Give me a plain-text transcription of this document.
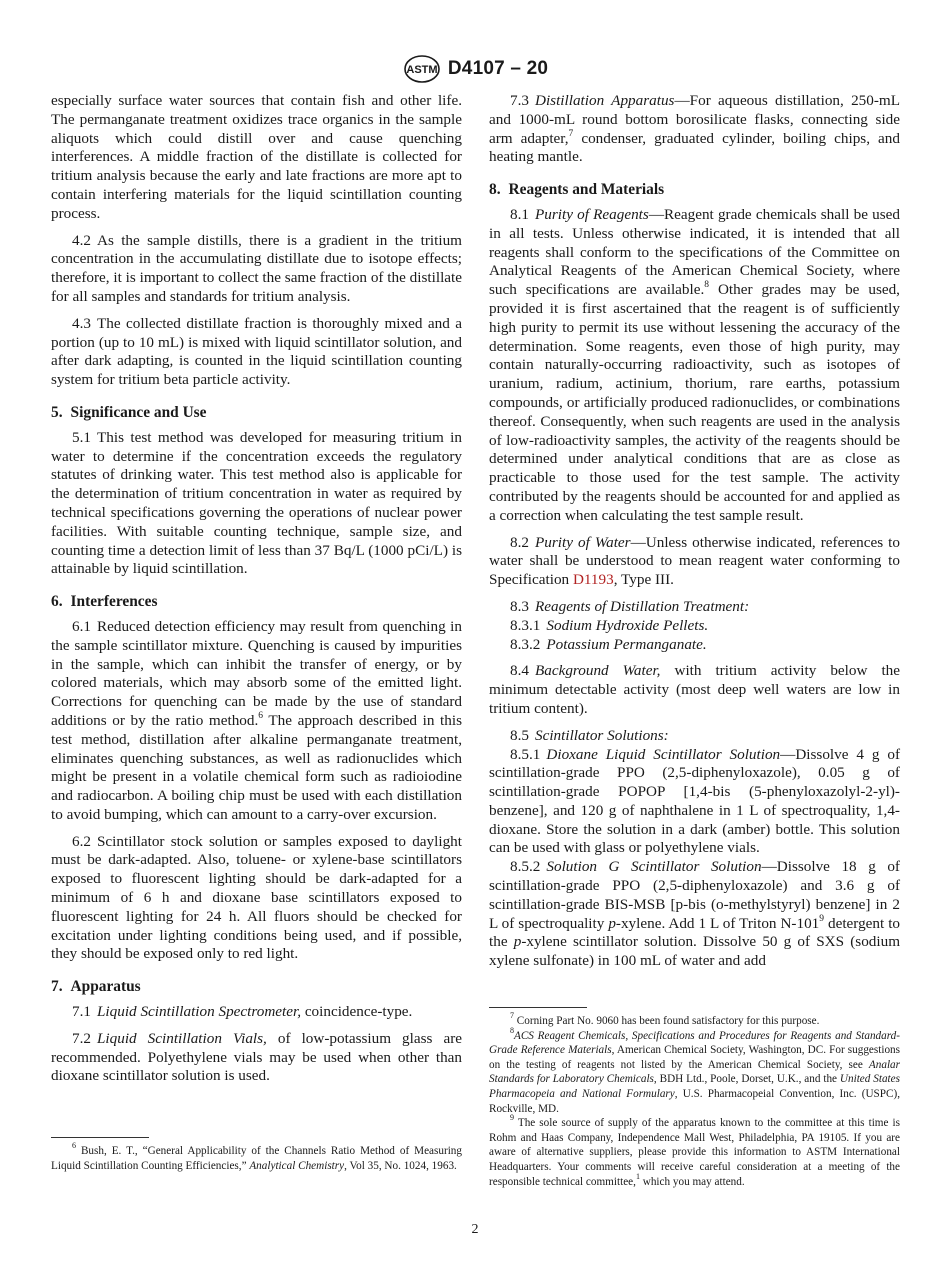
ASTM D4107 – 20

especially surface water sources that contain fish and other life. The permanganate treatment oxidizes trace organics in the sample aliquots which could distill over and cause quenching interferences. A middle fraction of the distillate is collected for tritium analysis because the early and late fractions are more apt to contain interfering materials for the liquid scintillation counting process.

4.2 As the sample distills, there is a gradient in the tritium concentration in the accumulating distillate due to isotope effects; therefore, it is important to collect the same fraction of the distillate for all samples and standards for tritium analysis.

4.3 The collected distillate fraction is thoroughly mixed and a portion (up to 10 mL) is mixed with liquid scintillator solution, and after dark adapting, is counted in the liquid scintillation counting system for tritium beta particle activity.

5. Significance and Use

5.1 This test method was developed for measuring tritium in water to determine if the concentration exceeds the regulatory statutes of drinking water. This test method also is applicable for the determination of tritium concentration in water as required by technical specifications governing the operations of nuclear power facilities. With suitable counting technique, sample size, and counting time a detection limit of less than 37 Bq/L (1000 pCi/L) is attainable by liquid scintillation.

6. Interferences

6.1 Reduced detection efficiency may result from quenching in the sample scintillator mixture. Quenching is caused by impurities in the sample, which can inhibit the transfer of energy, or by colored materials, which may absorb some of the emitted light. Corrections for quenching can be made by the use of standard additions or by the ratio method.$^6$ The approach described in this test method, distillation after alkaline permanganate treatment, eliminates quenching substances, as well as radionuclides which might be present in a volatile chemical form such as radioiodine and radiocarbon. A boiling chip must be used with each distillation to avoid bumping, which can amount to a carry-over excursion.

6.2 Scintillator stock solution or samples exposed to daylight must be dark-adapted. Also, toluene- or xylene-base scintillators exposed to fluorescent lighting should be dark-adapted for a minimum of 6 h and dioxane base scintillators exposed to fluorescent lighting for 24 h. All fluors should be checked for excitation under lighting conditions being used, and if possible, they should be exposed only to red light.

7. Apparatus

7.1 Liquid Scintillation Spectrometer, coincidence-type.

7.2 Liquid Scintillation Vials, of low-potassium glass are recommended. Polyethylene vials may be used when other than dioxane scintillator solution is used.

$^6$ Bush, E. T., “General Applicability of the Channels Ratio Method of Measuring Liquid Scintillation Counting Efficiencies,” Analytical Chemistry, Vol 35, No. 1024, 1963.

7.3 Distillation Apparatus—For aqueous distillation, 250-mL and 1000-mL round bottom borosilicate flasks, connecting side arm adapter,$^7$ condenser, graduated cylinder, boiling chips, and heating mantle.

8. Reagents and Materials

8.1 Purity of Reagents—Reagent grade chemicals shall be used in all tests. Unless otherwise indicated, it is intended that all reagents shall conform to the specifications of the Committee on Analytical Reagents of the American Chemical Society, where such specifications are available.$^8$ Other grades may be used, provided it is first ascertained that the reagent is of sufficiently high purity to permit its use without lessening the accuracy of the determination. Some reagents, even those of high purity, may contain naturally-occurring radioactivity, such as isotopes of uranium, radium, actinium, thorium, rare earths, potassium compounds, or artificially produced radionuclides, or combinations thereof. Consequently, when such reagents are used in the analysis of low-radioactivity samples, the activity of the reagents should be determined under analytical conditions that are as close as practicable to those used for the test sample. The activity contributed by the reagents should be accounted for and applied as a correction when calculating the test sample result.

8.2 Purity of Water—Unless otherwise indicated, references to water shall be understood to mean reagent water conforming to Specification D1193, Type III.

8.3 Reagents of Distillation Treatment:

8.3.1 Sodium Hydroxide Pellets.

8.3.2 Potassium Permanganate.

8.4 Background Water, with tritium activity below the minimum detectable activity (most deep well waters are low in tritium content).

8.5 Scintillator Solutions:

8.5.1 Dioxane Liquid Scintillator Solution—Dissolve 4 g of scintillation-grade PPO (2,5-diphenyloxazole), 0.05 g of scintillation-grade POPOP [1,4-bis (5-phenyloxazolyl-2-yl)-benzene], and 120 g of naphthalene in 1 L of spectroquality, 1,4-dioxane. Store the solution in a dark (amber) bottle. This solution can be used with glass or polyethylene vials.

8.5.2 Solution G Scintillator Solution—Dissolve 18 g of scintillation-grade PPO (2,5-diphenyloxazole) and 3.6 g of scintillation-grade BIS-MSB [p-bis (o-methylstyryl) benzene] in 2 L of spectroquality p-xylene. Add 1 L of Triton $N-101^9$ detergent to the p-xylene scintillator solution. Dissolve 50 g of SXS (sodium xylene sulfonate) in 100 mL of water and add

$^7$ Corning Part No. 9060 has been found satisfactory for this purpose.

$^8$ACS Reagent Chemicals, Specifications and Procedures for Reagents and Standard-Grade Reference Materials, American Chemical Society, Washington, DC. For suggestions on the testing of reagents not listed by the American Chemical Society, see Analar Standards for Laboratory Chemicals, BDH Ltd., Poole, Dorset, U.K., and the United States Pharmacopeia and National Formulary, U.S. Pharmacopeial Convention, Inc. (USPC), Rockville, MD.

$^9$ The sole source of supply of the apparatus known to the committee at this time is Rohm and Haas Company, Independence Mall West, Philadelphia, PA 19105. If you are aware of alternative suppliers, please provide this information to ASTM International Headquarters. Your comments will receive careful consideration at a meeting of the responsible technical committee,$^1$ which you may attend.

2
